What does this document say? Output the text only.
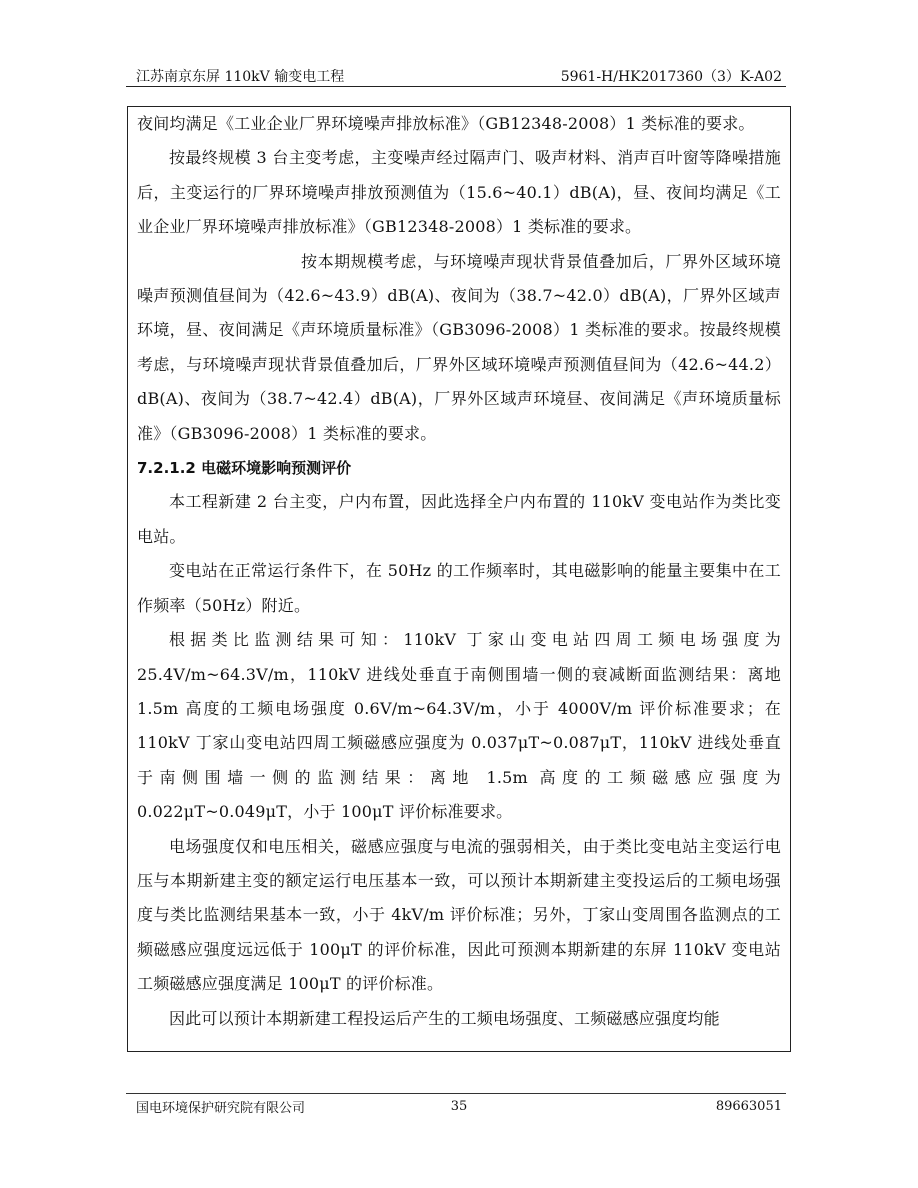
江苏南京东屏 110kV 输变电工程	5961-H/HK2017360（3）K-A02

夜间均满足《工业企业厂界环境噪声排放标准》（GB12348-2008）1 类标准的要求。

按最终规模 3 台主变考虑，主变噪声经过隔声门、吸声材料、消声百叶窗等降噪措施后，主变运行的厂界环境噪声排放预测值为（15.6~40.1）dB(A)，昼、夜间均满足《工业企业厂界环境噪声排放标准》（GB12348-2008）1 类标准的要求。

按本期规模考虑，与环境噪声现状背景值叠加后，厂界外区域环境噪声预测值昼间为（42.6~43.9）dB(A)、夜间为（38.7~42.0）dB(A)，厂界外区域声环境，昼、夜间满足《声环境质量标准》（GB3096-2008）1 类标准的要求。按最终规模考虑，与环境噪声现状背景值叠加后，厂界外区域环境噪声预测值昼间为（42.6~44.2）dB(A)、夜间为（38.7~42.4）dB(A)，厂界外区域声环境昼、夜间满足《声环境质量标准》（GB3096-2008）1 类标准的要求。

7.2.1.2 电磁环境影响预测评价

本工程新建 2 台主变，户内布置，因此选择全户内布置的 110kV 变电站作为类比变电站。

变电站在正常运行条件下，在 50Hz 的工作频率时，其电磁影响的能量主要集中在工作频率（50Hz）附近。

根据类比监测结果可知：110kV 丁家山变电站四周工频电场强度为 25.4V/m~64.3V/m，110kV 进线处垂直于南侧围墙一侧的衰减断面监测结果：离地 1.5m 高度的工频电场强度 0.6V/m~64.3V/m，小于 4000V/m 评价标准要求；在 110kV 丁家山变电站四周工频磁感应强度为 0.037μT~0.087μT，110kV 进线处垂直于南侧围墙一侧的监测结果：离地 1.5m 高度的工频磁感应强度为 0.022μT~0.049μT，小于 100μT 评价标准要求。

电场强度仅和电压相关，磁感应强度与电流的强弱相关，由于类比变电站主变运行电压与本期新建主变的额定运行电压基本一致，可以预计本期新建主变投运后的工频电场强度与类比监测结果基本一致，小于 4kV/m 评价标准；另外，丁家山变周围各监测点的工频磁感应强度远远低于 100μT 的评价标准，因此可预测本期新建的东屏 110kV 变电站工频磁感应强度满足 100μT 的评价标准。

因此可以预计本期新建工程投运后产生的工频电场强度、工频磁感应强度均能

国电环境保护研究院有限公司	35	89663051
